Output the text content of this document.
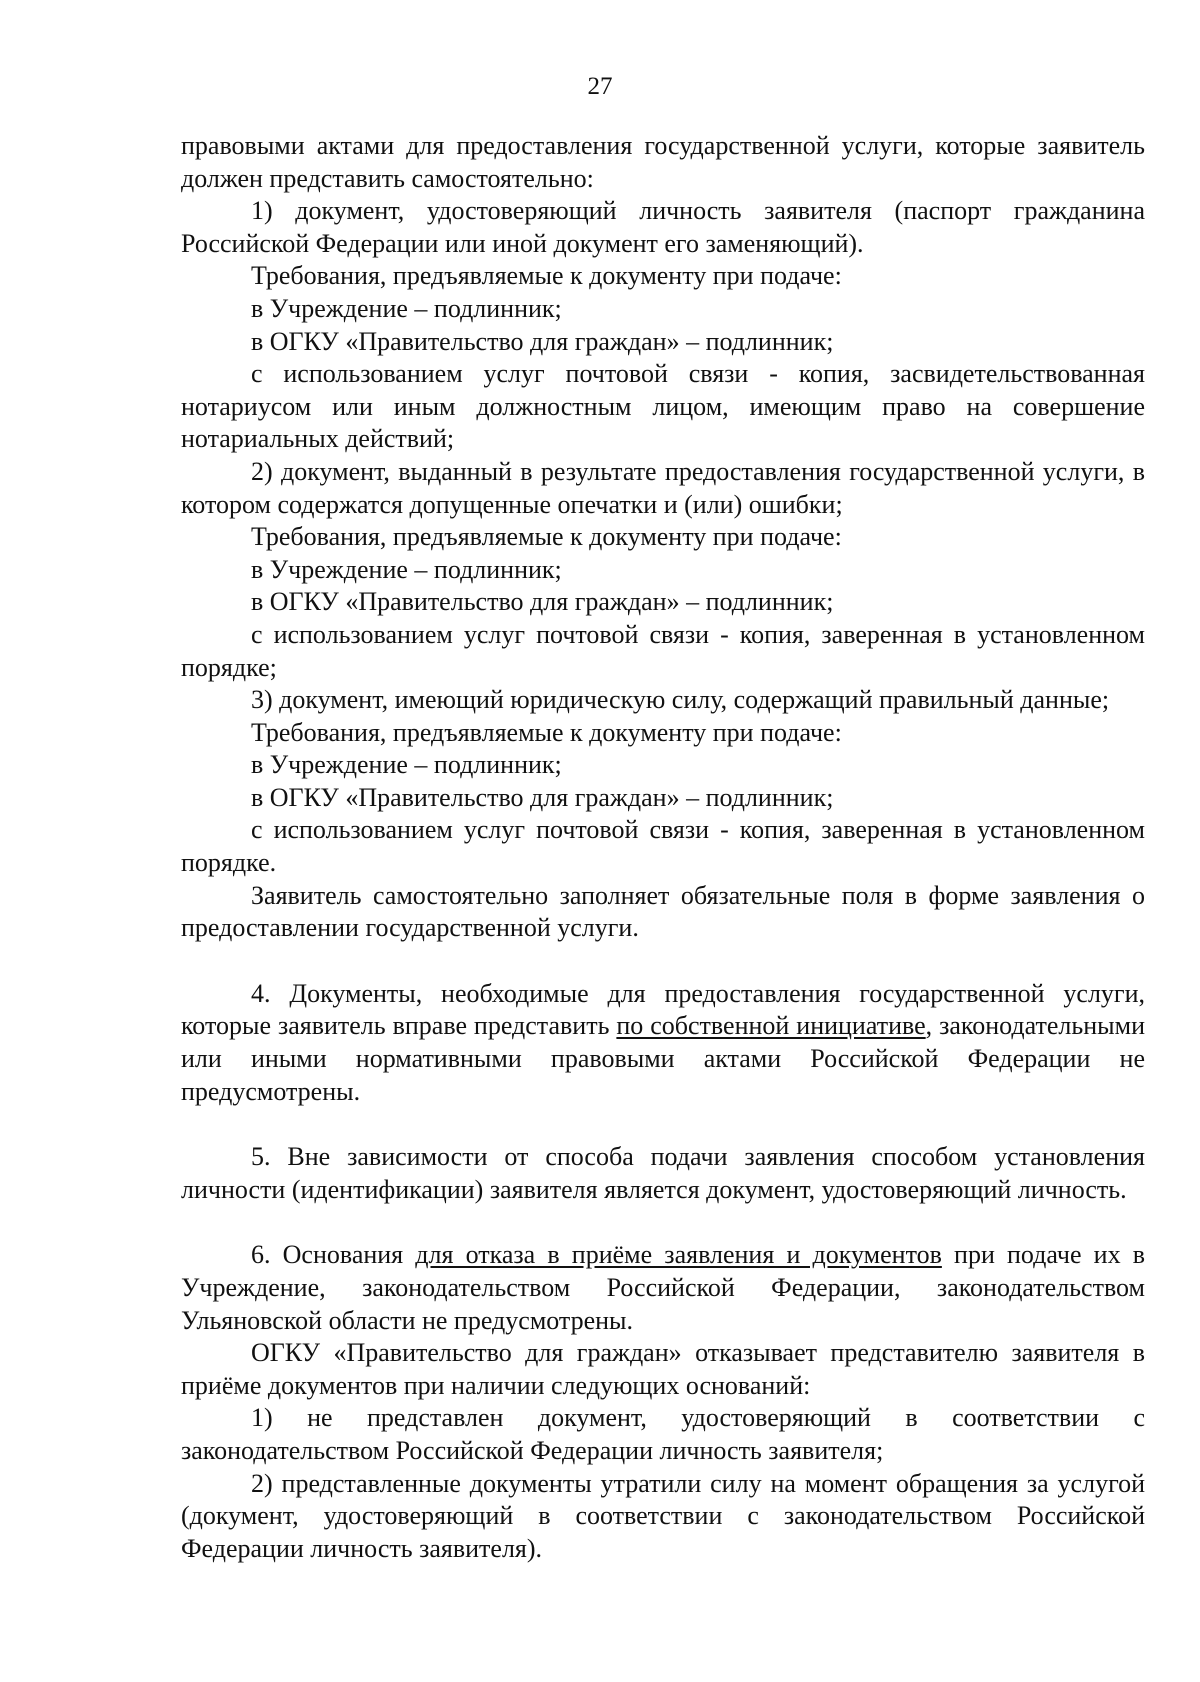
27

правовыми актами для предоставления государственной услуги, которые заявитель должен представить самостоятельно:

1) документ, удостоверяющий личность заявителя (паспорт гражданина Российской Федерации или иной документ его заменяющий).

Требования, предъявляемые к документу при подаче:

в Учреждение – подлинник;

в ОГКУ «Правительство для граждан» – подлинник;

с использованием услуг почтовой связи - копия, засвидетельствованная нотариусом или иным должностным лицом, имеющим право на совершение нотариальных действий;

2) документ, выданный в результате предоставления государственной услуги, в котором содержатся допущенные опечатки и (или) ошибки;

Требования, предъявляемые к документу при подаче:

в Учреждение – подлинник;

в ОГКУ «Правительство для граждан» – подлинник;

с использованием услуг почтовой связи - копия, заверенная в установленном порядке;

3) документ, имеющий юридическую силу, содержащий правильный данные;

Требования, предъявляемые к документу при подаче:

в Учреждение – подлинник;

в ОГКУ «Правительство для граждан» – подлинник;

с использованием услуг почтовой связи - копия, заверенная в установленном порядке.

Заявитель самостоятельно заполняет обязательные поля в форме заявления о предоставлении государственной услуги.

4. Документы, необходимые для предоставления государственной услуги, которые заявитель вправе представить по собственной инициативе, законодательными или иными нормативными правовыми актами Российской Федерации не предусмотрены.

5. Вне зависимости от способа подачи заявления способом установления личности (идентификации) заявителя является документ, удостоверяющий личность.

6. Основания для отказа в приёме заявления и документов при подаче их в Учреждение, законодательством Российской Федерации, законодательством Ульяновской области не предусмотрены.

ОГКУ «Правительство для граждан» отказывает представителю заявителя в приёме документов при наличии следующих оснований:

1) не представлен документ, удостоверяющий в соответствии с законодательством Российской Федерации личность заявителя;

2) представленные документы утратили силу на момент обращения за услугой (документ, удостоверяющий в соответствии с законодательством Российской Федерации личность заявителя).
